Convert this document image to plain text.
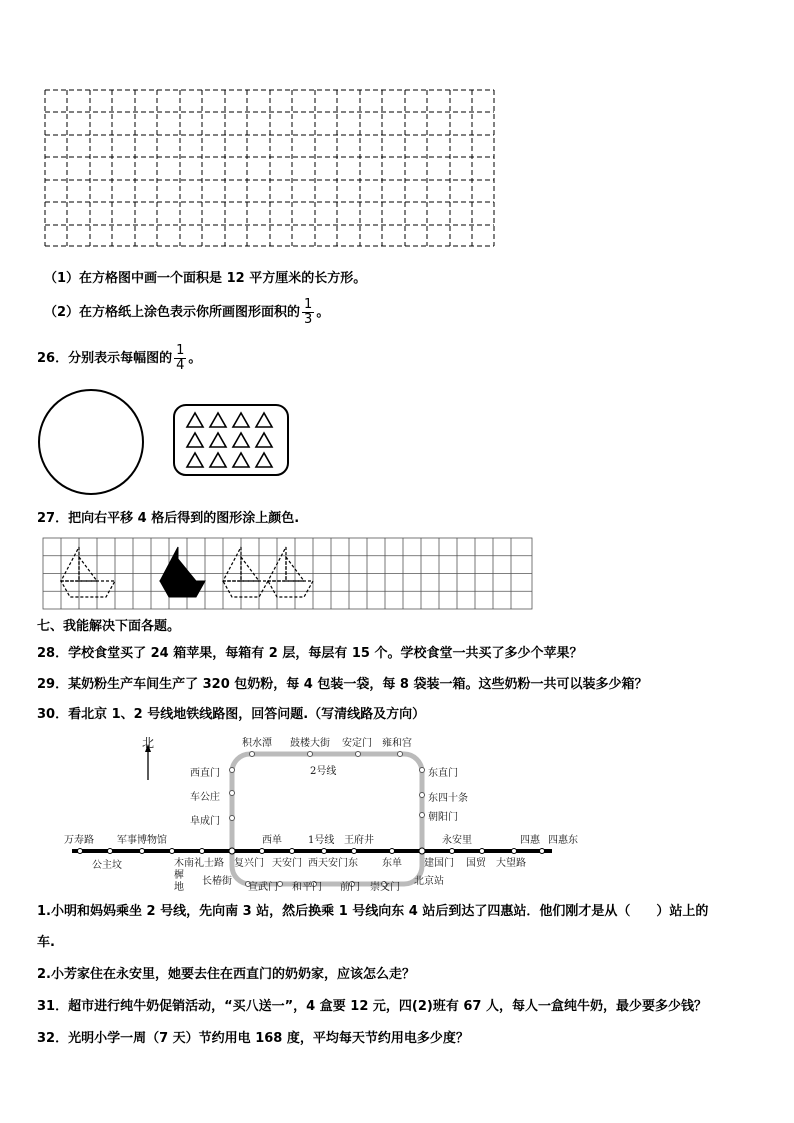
（1）在方格图中画一个面积是 12 平方厘米的长方形。
（2）在方格纸上涂色表示你所画图形面积的 $\frac{1}{3}$ 。
26．分别表示每幅图的 $\frac{1}{4}$ 。
27．把向右平移 4 格后得到的图形涂上颜色.
七、我能解决下面各题。
28．学校食堂买了 24 箱苹果，每箱有 2 层，每层有 15 个。学校食堂一共买了多少个苹果？
29．某奶粉生产车间生产了 320 包奶粉，每 4 包装一袋，每 8 袋装一箱。这些奶粉一共可以装多少箱？
30．看北京 1、2 号线地铁线路图，回答问题.（写清线路及方向）
北	积水潭 鼓楼大街 安定门 雍和宫
2号线
西直门
车公庄
阜成门
东直门
东四十条
朝阳门
西单	1号线 王府井
万寿路 军事博物馆	永安里	四惠 四惠东
公主坟	木南礼士路
樨
地
复兴门 天安门 西天安门东 东单 建国门 国贸 大望路
长椿街
宣武门 和平门 前门 崇文门
北京站
1.小明和妈妈乘坐 2 号线，先向南 3 站，然后换乘 1 号线向东 4 站后到达了四惠站．他们刚才是从（　　）站上的
车.
2.小芳家住在永安里，她要去住在西直门的奶奶家，应该怎么走？
31．超市进行纯牛奶促销活动，“买八送一”，4 盒要 12 元，四(2)班有 67 人，每人一盒纯牛奶，最少要多少钱？
32．光明小学一周（7 天）节约用电 168 度，平均每天节约用电多少度？
